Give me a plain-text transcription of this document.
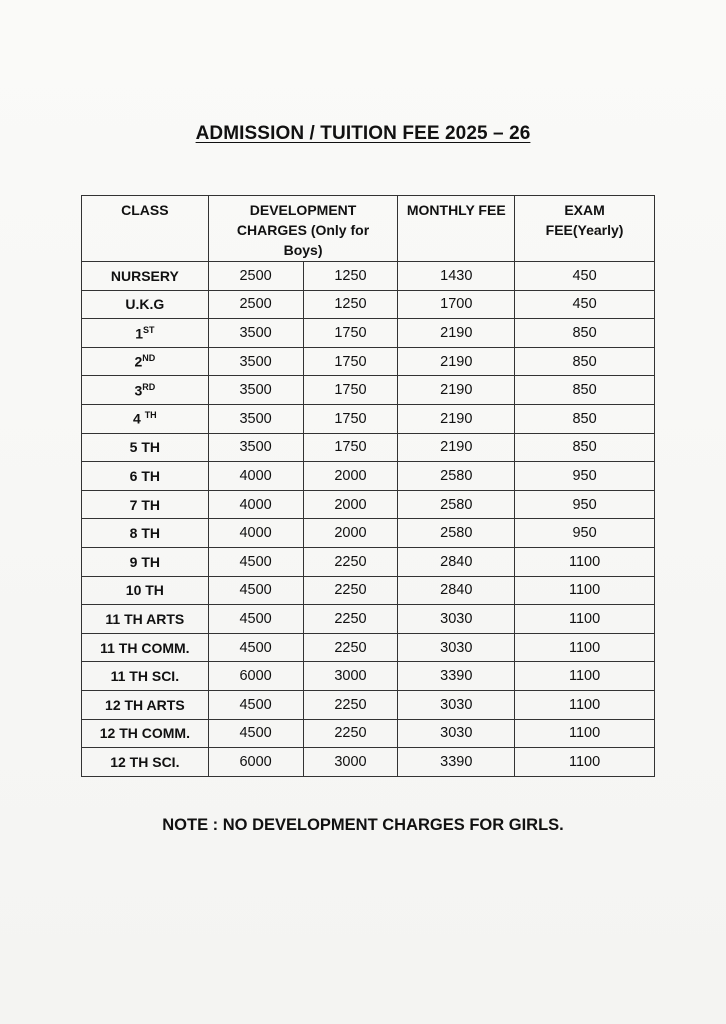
ADMISSION / TUITION FEE 2025 – 26
CLASS	DEVELOPMENT CHARGES (Only for Boys)		MONTHLY FEE	EXAM FEE(Yearly)
NURSERY	2500	1250	1430	450
U.K.G	2500	1250	1700	450
1ST	3500	1750	2190	850
2ND	3500	1750	2190	850
3RD	3500	1750	2190	850
4 $^{TH}$	3500	1750	2190	850
5 TH	3500	1750	2190	850
6 TH	4000	2000	2580	950
7 TH	4000	2000	2580	950
8 TH	4000	2000	2580	950
9 TH	4500	2250	2840	1100
10 TH	4500	2250	2840	1100
11 TH ARTS	4500	2250	3030	1100
11 TH COMM.	4500	2250	3030	1100
11 TH SCI.	6000	3000	3390	1100
12 TH ARTS	4500	2250	3030	1100
12 TH COMM.	4500	2250	3030	1100
12 TH SCI.	6000	3000	3390	1100
NOTE : NO DEVELOPMENT CHARGES FOR GIRLS.
